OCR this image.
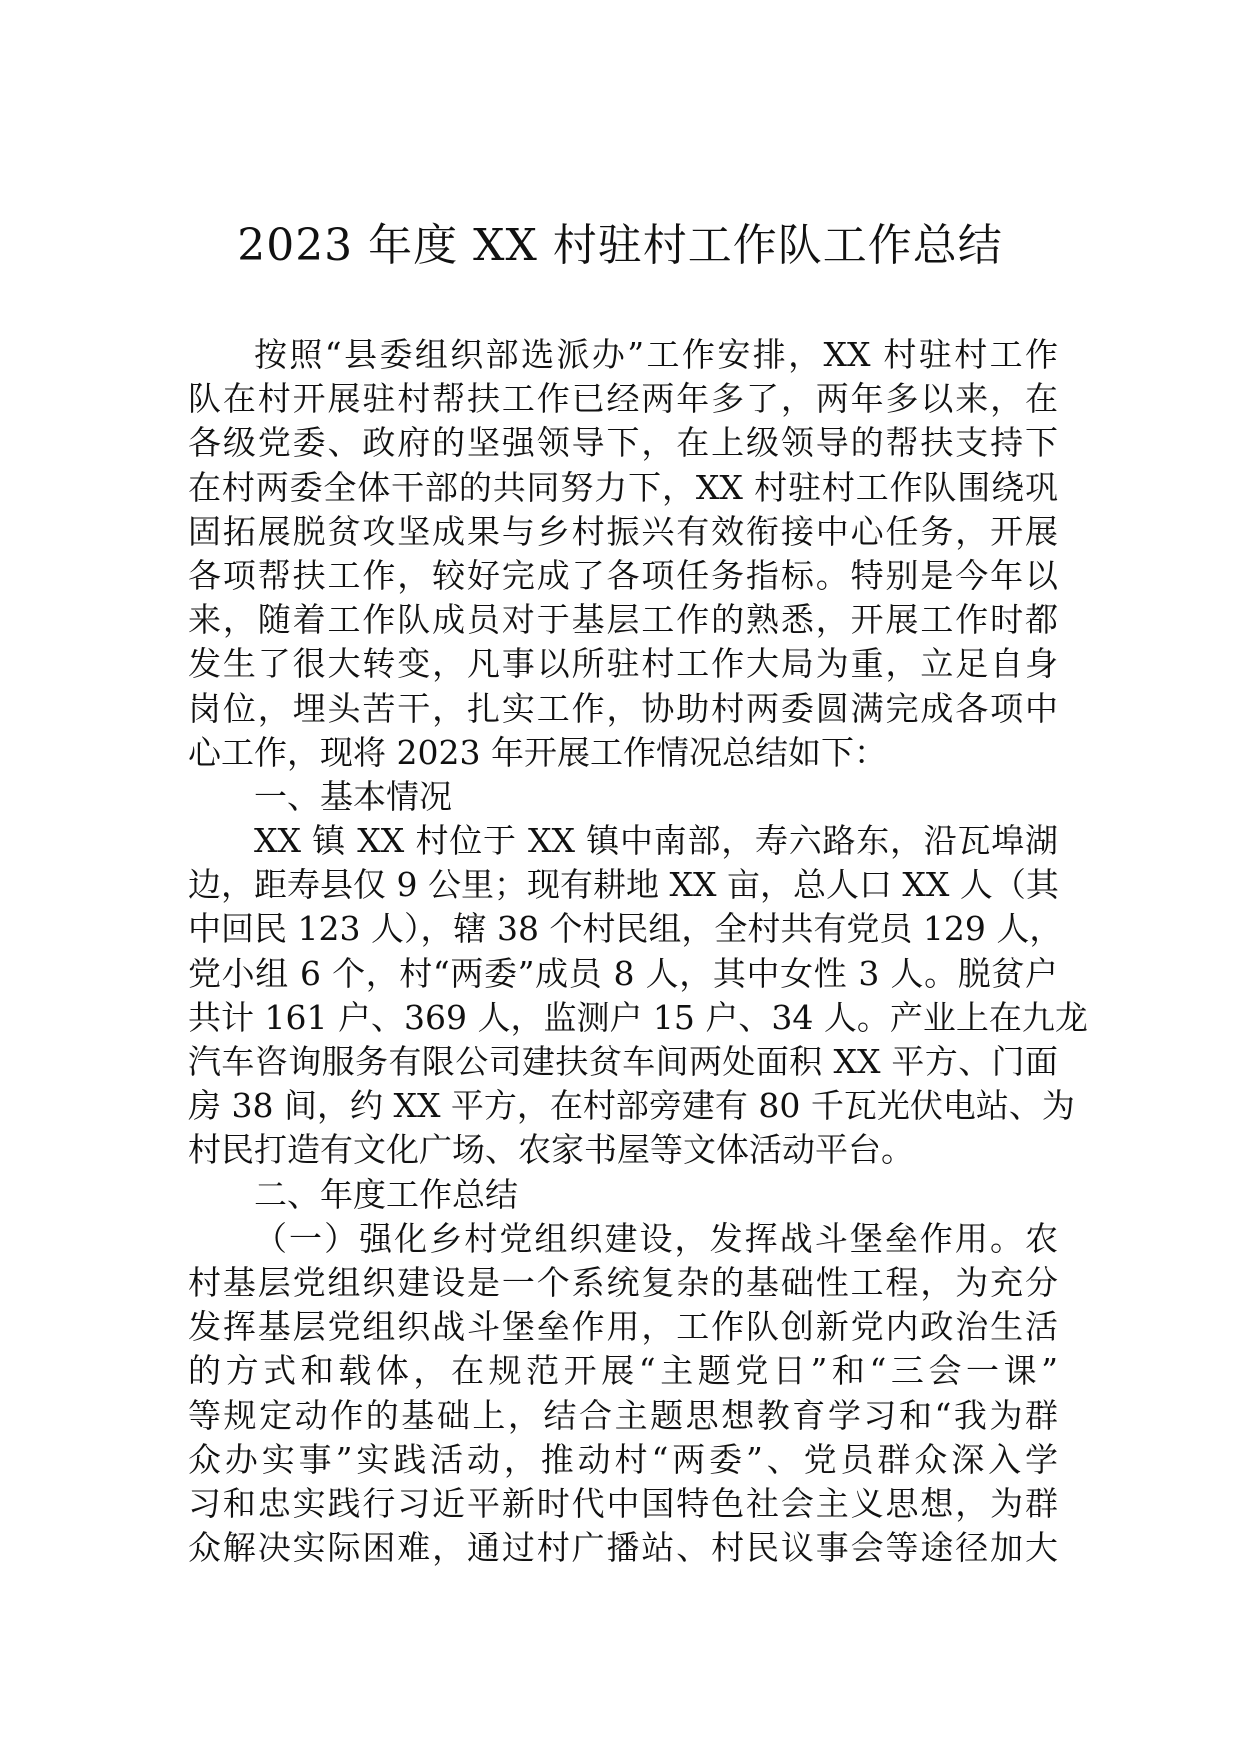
2023 年度 XX 村驻村工作队工作总结
按照“县委组织部选派办”工作安排，XX 村驻村工作
队在村开展驻村帮扶工作已经两年多了，两年多以来，在
各级党委、政府的坚强领导下，在上级领导的帮扶支持下
在村两委全体干部的共同努力下，XX 村驻村工作队围绕巩
固拓展脱贫攻坚成果与乡村振兴有效衔接中心任务，开展
各项帮扶工作，较好完成了各项任务指标。特别是今年以
来，随着工作队成员对于基层工作的熟悉，开展工作时都
发生了很大转变，凡事以所驻村工作大局为重，立足自身
岗位，埋头苦干，扎实工作，协助村两委圆满完成各项中
心工作，现将 2023 年开展工作情况总结如下：
一、基本情况
XX 镇 XX 村位于 XX 镇中南部，寿六路东，沿瓦埠湖
边，距寿县仅 9 公里；现有耕地 XX 亩，总人口 XX 人（其
中回民 123 人），辖 38 个村民组，全村共有党员 129 人，
党小组 6 个，村“两委”成员 8 人，其中女性 3 人。脱贫户
共计 161 户、369 人，监测户 15 户、34 人。产业上在九龙
汽车咨询服务有限公司建扶贫车间两处面积 XX 平方、门面
房 38 间，约 XX 平方，在村部旁建有 80 千瓦光伏电站、为
村民打造有文化广场、农家书屋等文体活动平台。
二、年度工作总结
（一）强化乡村党组织建设，发挥战斗堡垒作用。农
村基层党组织建设是一个系统复杂的基础性工程，为充分
发挥基层党组织战斗堡垒作用，工作队创新党内政治生活
的方式和载体，在规范开展“主题党日”和“三会一课”
等规定动作的基础上，结合主题思想教育学习和“我为群
众办实事”实践活动，推动村“两委”、党员群众深入学
习和忠实践行习近平新时代中国特色社会主义思想，为群
众解决实际困难，通过村广播站、村民议事会等途径加大
